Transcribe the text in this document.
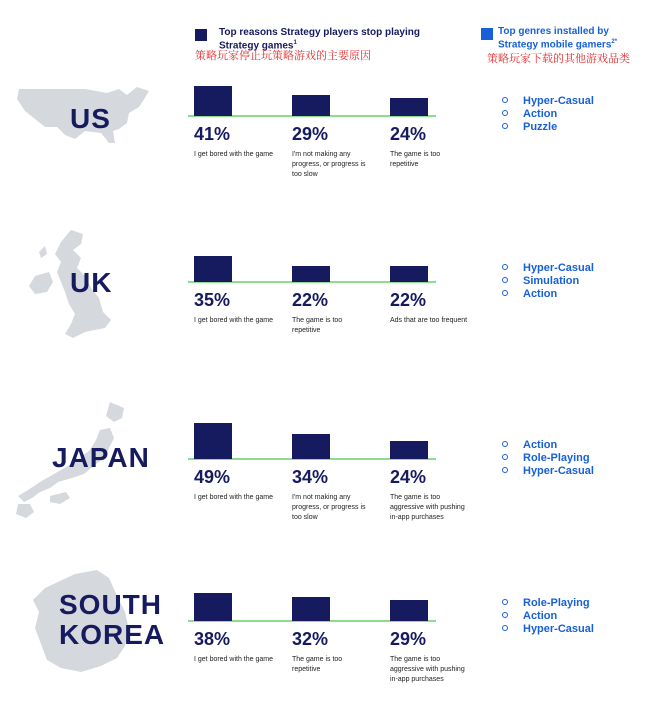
Top reasons Strategy players stop playing Strategy games$^1$
策略玩家停止玩策略游戏的主要原因
Top genres installed by Strategy mobile gamers$^{2*}$
策略玩家下载的其他游戏品类
US	41%
I get bored with the game
29%
I'm not making any progress, or progress is too slow
24%
The game is too repetitive
Hyper-Casual
Action
Puzzle
UK
35%
I get bored with the game
22%
The game is too repetitive
22%
Ads that are too frequent
Hyper-Casual
Simulation
Action
JAPAN
49%
I get bored with the game
34%
I'm not making any progress, or progress is too slow
24%
The game is too aggressive with pushing in-app purchases
Action
Role-Playing
Hyper-Casual
SOUTH
KOREA 38%
I get bored with the game
32%
The game is too repetitive
29%
The game is too aggressive with pushing in-app purchases
Role-Playing
Action
Hyper-Casual
